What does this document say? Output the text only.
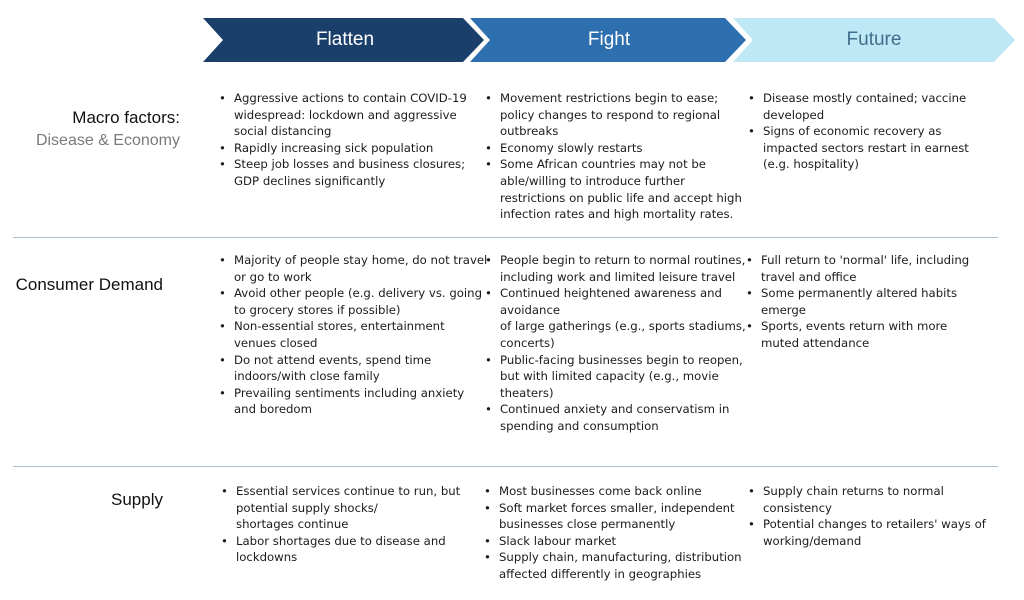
Flatten	Fight	Future
Macro factors:
Disease & Economy
• Aggressive actions to contain COVID-19 widespread: lockdown and aggressive social distancing
• Rapidly increasing sick population
• Steep job losses and business closures; GDP declines significantly
• Movement restrictions begin to ease; policy changes to respond to regional outbreaks
• Economy slowly restarts
• Some African countries may not be able/willing to introduce further restrictions on public life and accept high infection rates and high mortality rates.
• Disease mostly contained; vaccine developed
• Signs of economic recovery as impacted sectors restart in earnest (e.g. hospitality)
Consumer Demand
• Majority of people stay home, do not travel or go to work
• Avoid other people (e.g. delivery vs. going to grocery stores if possible)
• Non-essential stores, entertainment venues closed
• Do not attend events, spend time indoors/with close family
• Prevailing sentiments including anxiety and boredom
• People begin to return to normal routines, including work and limited leisure travel
• Continued heightened awareness and avoidance
of large gatherings (e.g., sports stadiums, concerts)
• Public-facing businesses begin to reopen, but with limited capacity (e.g., movie theaters)
• Continued anxiety and conservatism in spending and consumption
• Full return to 'normal' life, including travel and office
• Some permanently altered habits emerge
• Sports, events return with more muted attendance
Supply
•	Essential services continue to run, but potential supply shocks/
shortages continue
• Labor shortages due to disease and lockdowns
• Most businesses come back online
• Soft market forces smaller, independent businesses close permanently
• Slack labour market
• Supply chain, manufacturing, distribution affected differently in geographies
• Supply chain returns to normal consistency
• Potential changes to retailers' ways of working/demand
